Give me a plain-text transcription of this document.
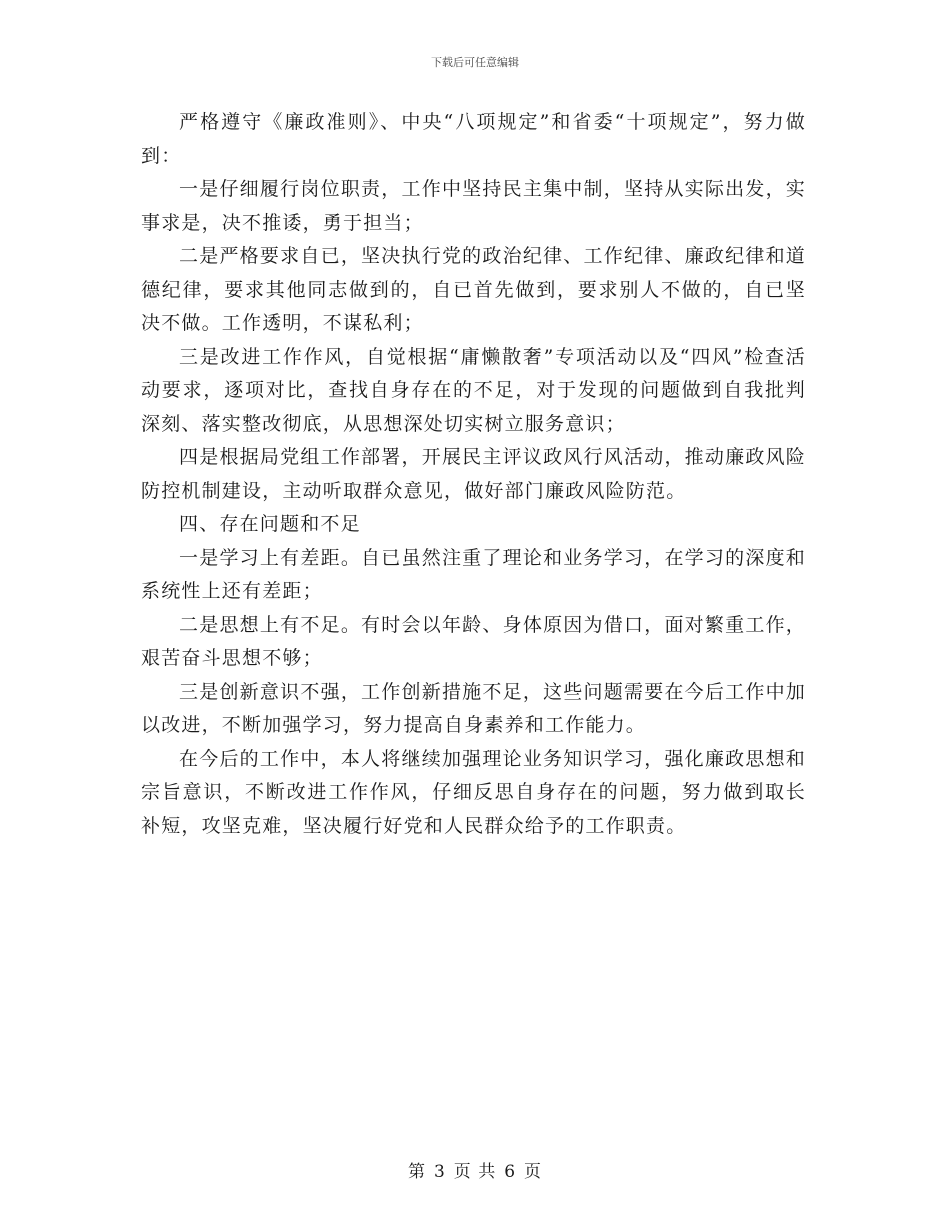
下载后可任意编辑

严格遵守《廉政准则》、中央“八项规定”和省委“十项规定”，努力做到：

一是仔细履行岗位职责，工作中坚持民主集中制，坚持从实际出发，实事求是，决不推诿，勇于担当；

二是严格要求自已，坚决执行党的政治纪律、工作纪律、廉政纪律和道德纪律，要求其他同志做到的，自已首先做到，要求别人不做的，自已坚决不做。工作透明，不谋私利；

三是改进工作作风，自觉根据“庸懒散奢”专项活动以及“四风”检查活动要求，逐项对比，查找自身存在的不足，对于发现的问题做到自我批判深刻、落实整改彻底，从思想深处切实树立服务意识；

四是根据局党组工作部署，开展民主评议政风行风活动，推动廉政风险防控机制建设，主动听取群众意见，做好部门廉政风险防范。

四、存在问题和不足

一是学习上有差距。自已虽然注重了理论和业务学习，在学习的深度和系统性上还有差距；

二是思想上有不足。有时会以年龄、身体原因为借口，面对繁重工作，艰苦奋斗思想不够；

三是创新意识不强，工作创新措施不足，这些问题需要在今后工作中加以改进，不断加强学习，努力提高自身素养和工作能力。

在今后的工作中，本人将继续加强理论业务知识学习，强化廉政思想和宗旨意识，不断改进工作作风，仔细反思自身存在的问题，努力做到取长补短，攻坚克难，坚决履行好党和人民群众给予的工作职责。

第 3 页 共 6 页
